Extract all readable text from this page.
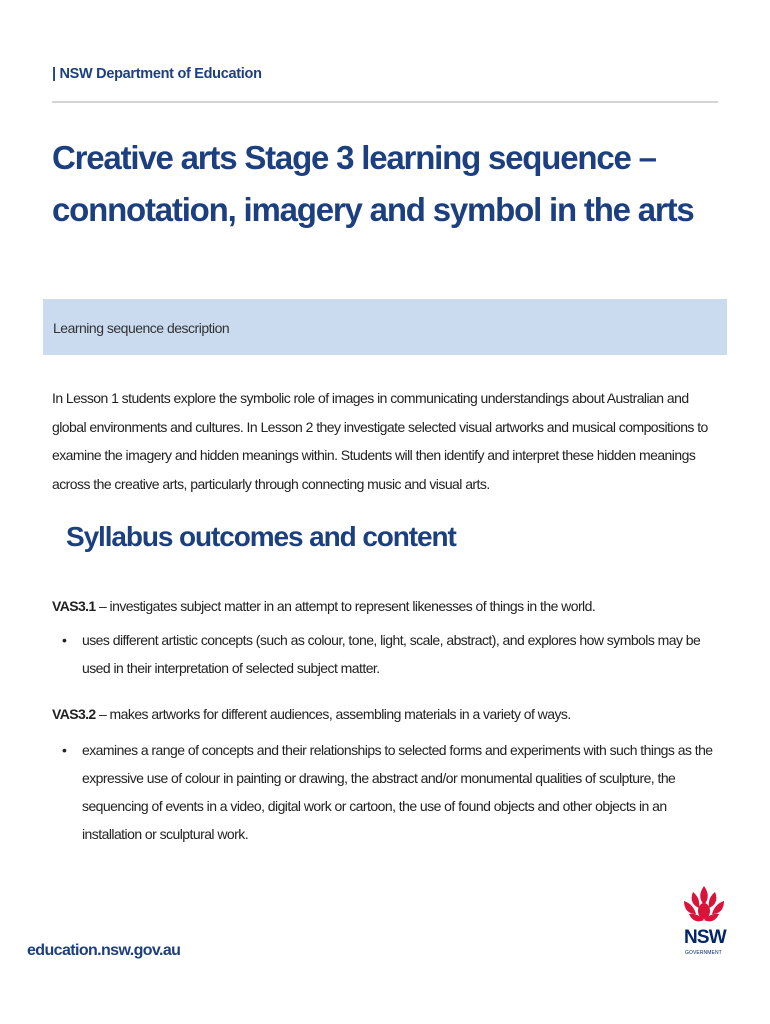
| NSW Department of Education
Creative arts Stage 3 learning sequence – connotation, imagery and symbol in the arts
Learning sequence description

In Lesson 1 students explore the symbolic role of images in communicating understandings about Australian and global environments and cultures. In Lesson 2 they investigate selected visual artworks and musical compositions to examine the imagery and hidden meanings within. Students will then identify and interpret these hidden meanings across the creative arts, particularly through connecting music and visual arts.

Syllabus outcomes and content

VAS3.1 – investigates subject matter in an attempt to represent likenesses of things in the world.

• uses different artistic concepts (such as colour, tone, light, scale, abstract), and explores how symbols may be used in their interpretation of selected subject matter.

VAS3.2 – makes artworks for different audiences, assembling materials in a variety of ways.

• examines a range of concepts and their relationships to selected forms and experiments with such things as the expressive use of colour in painting or drawing, the abstract and/or monumental qualities of sculpture, the sequencing of events in a video, digital work or cartoon, the use of found objects and other objects in an installation or sculptural work.
education.nsw.gov.au
NSW
GOVERNMENT
